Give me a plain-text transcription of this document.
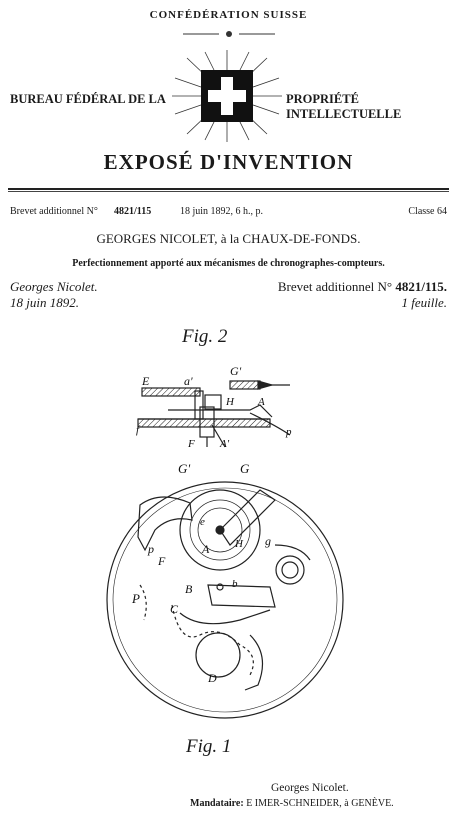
CONFÉDÉRATION SUISSE
BUREAU FÉDÉRAL DE LA	PROPRIÉTÉ INTELLECTUELLE
EXPOSÉ D'INVENTION
Brevet additionnel N° 4821/115	18 juin 1892, 6 h., p.	Classe 64
GEORGES NICOLET, à la CHAUX-DE-FONDS.
Perfectionnement apporté aux mécanismes de chronographes-compteurs.
Georges Nicolet.
18 juin 1892.
Brevet additionnel N° 4821/115.
1 feuille.
Fig. 2
E	a'
G'
H A
f
F A'
p
G'	G
e
A H
p
F
g
B	b
P
C
D
Fig. 1
Georges Nicolet.
Mandataire: E IMER-SCHNEIDER, à GENÈVE.
